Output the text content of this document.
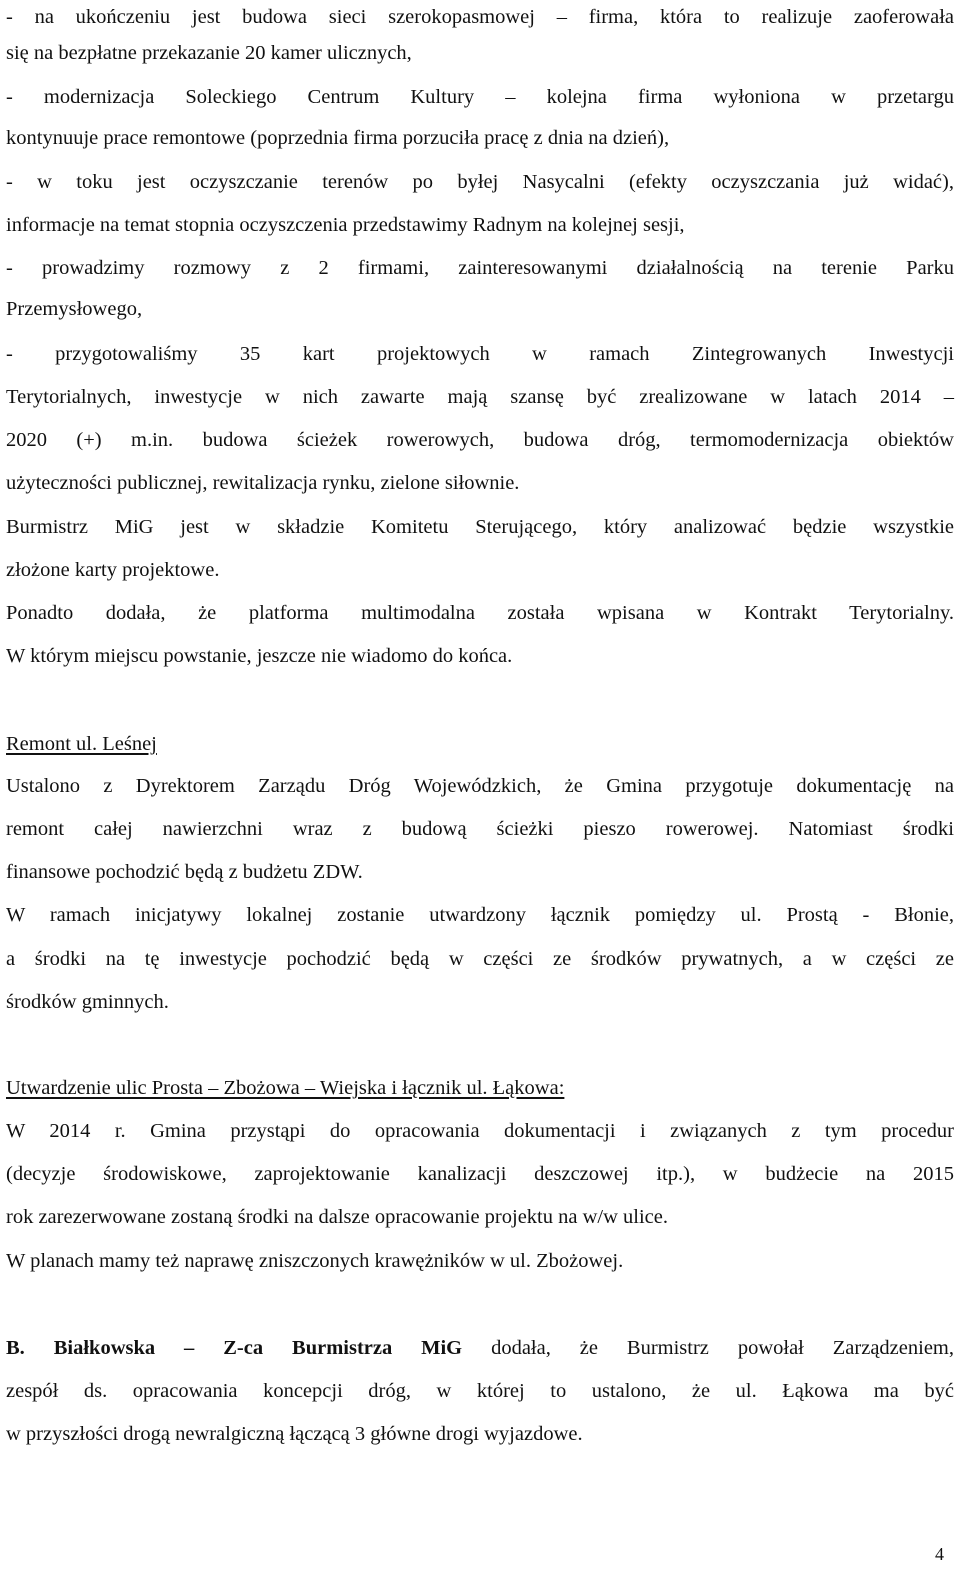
- na ukończeniu jest budowa sieci szerokopasmowej – firma, która to realizuje zaoferowała
się na bezpłatne przekazanie 20 kamer ulicznych,
- modernizacja Soleckiego Centrum Kultury – kolejna firma wyłoniona w przetargu
kontynuuje prace remontowe (poprzednia firma porzuciła pracę z dnia na dzień),
- w toku jest oczyszczanie terenów po byłej Nasycalni (efekty oczyszczania już widać),
informacje na temat stopnia oczyszczenia przedstawimy Radnym na kolejnej sesji,
- prowadzimy rozmowy z 2 firmami, zainteresowanymi działalnością na terenie Parku
Przemysłowego,
- przygotowaliśmy 35 kart projektowych w ramach Zintegrowanych Inwestycji
Terytorialnych, inwestycje w nich zawarte mają szansę być zrealizowane w latach 2014 –
2020 (+) m.in. budowa ścieżek rowerowych, budowa dróg, termomodernizacja obiektów
użyteczności publicznej, rewitalizacja rynku, zielone siłownie.
Burmistrz MiG jest w składzie Komitetu Sterującego, który analizować będzie wszystkie
złożone karty projektowe.
Ponadto dodała, że platforma multimodalna została wpisana w Kontrakt Terytorialny.
W którym miejscu powstanie, jeszcze nie wiadomo do końca.
Remont ul. Leśnej
Ustalono z Dyrektorem Zarządu Dróg Wojewódzkich, że Gmina przygotuje dokumentację na
remont całej nawierzchni wraz z budową ścieżki pieszo rowerowej. Natomiast środki
finansowe pochodzić będą z budżetu ZDW.
W ramach inicjatywy lokalnej zostanie utwardzony łącznik pomiędzy ul. Prostą - Błonie,
a środki na tę inwestycje pochodzić będą w części ze środków prywatnych, a w części ze
środków gminnych.
Utwardzenie ulic Prosta – Zbożowa – Wiejska i łącznik ul. Łąkowa:
W 2014 r. Gmina przystąpi do opracowania dokumentacji i związanych z tym procedur
(decyzje środowiskowe, zaprojektowanie kanalizacji deszczowej itp.), w budżecie na 2015
rok zarezerwowane zostaną środki na dalsze opracowanie projektu na w/w ulice.
W planach mamy też naprawę zniszczonych krawężników w ul. Zbożowej.
B. Białkowska – Z-ca Burmistrza MiG dodała, że Burmistrz powołał Zarządzeniem,
zespół ds. opracowania koncepcji dróg, w której to ustalono, że ul. Łąkowa ma być
w przyszłości drogą newralgiczną łączącą 3 główne drogi wyjazdowe.
4
